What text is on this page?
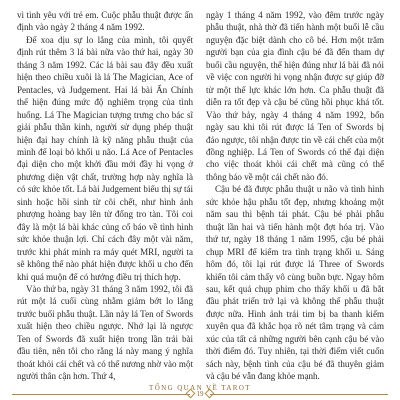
vì tình yêu với trẻ em. Cuộc phẫu thuật được ấn định vào ngày 2 tháng 4 năm 1992.

Để xoa dịu sự lo lắng của mình, tôi quyết định rút thêm 3 lá bài nữa vào thứ hai, ngày 30 tháng 3 năm 1992. Các lá bài sau đây đều xuất hiện theo chiều xuôi là lá The Magician, Ace of Pentacles, và Judgement. Hai lá bài Ẩn Chính thể hiện đúng mức độ nghiêm trọng của tình huống. Lá The Magician tượng trưng cho bác sĩ giải phẫu thần kinh, người sử dụng phép thuật hiện đại hay chính là kỹ năng phẫu thuật của mình để loại bỏ khối u não. Lá Ace of Pentacles đại diện cho một khởi đầu mới đầy hi vọng ở phương diện vật chất, trường hợp này nghĩa là có sức khỏe tốt. Lá bài Judgement biểu thị sự tái sinh hoặc hồi sinh từ cõi chết, như hình ảnh phượng hoàng bay lên từ đống tro tàn. Tôi coi đây là một lá bài khác củng cố báo về tình hình sức khỏe thuận lợi. Chỉ cách đây một vài năm, trước khi phát minh ra máy quét MRI, người ta sẽ không thể nào phát hiện được khối u cho đến khi quá muộn để có hướng điều trị thích hợp.

Vào thứ ba, ngày 31 tháng 3 năm 1992, tôi đã rút một lá cuối cùng nhằm giảm bớt lo lắng trước buổi phẫu thuật. Lần này lá Ten of Swords xuất hiện theo chiều ngược. Nhớ lại là ngược Ten of Swords đã xuất hiện trong lần trải bài đầu tiên, nên tôi cho rằng lá này mang ý nghĩa thoát khỏi cái chết và có thể nương nhờ vào một người thân cận hơn. Thứ 4,

ngày 1 tháng 4 năm 1992, vào đêm trước ngày phẫu thuật, nhà thờ đã tiến hành một buổi lễ cầu nguyện đặc biệt dành cho cô bé. Hơn một trăm người bạn của gia đình cậu bé đã đến tham dự buổi cầu nguyện, thể hiện đúng như lá bài đã nói về việc con người hi vọng nhận được sự giúp đỡ từ một thế lực khác lớn hơn. Ca phẫu thuật đã diễn ra tốt đẹp và cậu bé cũng hồi phục khá tốt. Vào thứ bảy, ngày 4 tháng 4 năm 1992, bốn ngày sau khi tôi rút được lá Ten of Swords bị đảo ngược, tôi nhận được tin về cái chết của một đồng nghiệp. Lá Ten of Swords có thể đại diện cho việc thoát khỏi cái chết mà cũng có thể thông báo về một cái chết nào đó.

Cậu bé đã được phẫu thuật u não và tình hình sức khỏe hậu phẫu tốt đẹp, nhưng khoảng một năm sau thì bệnh tái phát. Cậu bé phải phẫu thuật lần hai và tiến hành một đợt hóa trị. Vào thứ tư, ngày 18 tháng 1 năm 1995, cậu bé phải chụp MRI để kiểm tra tình trạng khối u. Sáng hôm đó, tôi lại rút được lá Three of Swords khiến tôi cảm thấy vô cùng buồn bực. Ngay hôm sau, kết quả chụp phim cho thấy khối u đã bắt đầu phát triển trở lại và không thể phẫu thuật được nữa. Hình ảnh trái tim bị ba thanh kiếm xuyên qua đã khắc họa rõ nét tâm trạng và cảm xúc của tất cả những người bên cạnh cậu bé vào thời điểm đó. Tuy nhiên, tại thời điểm viết cuốn sách này, bệnh tình của cậu bé đã thuyên giảm và cậu bé vẫn đang khỏe mạnh.

TỔNG QUAN VỀ TAROT
19
